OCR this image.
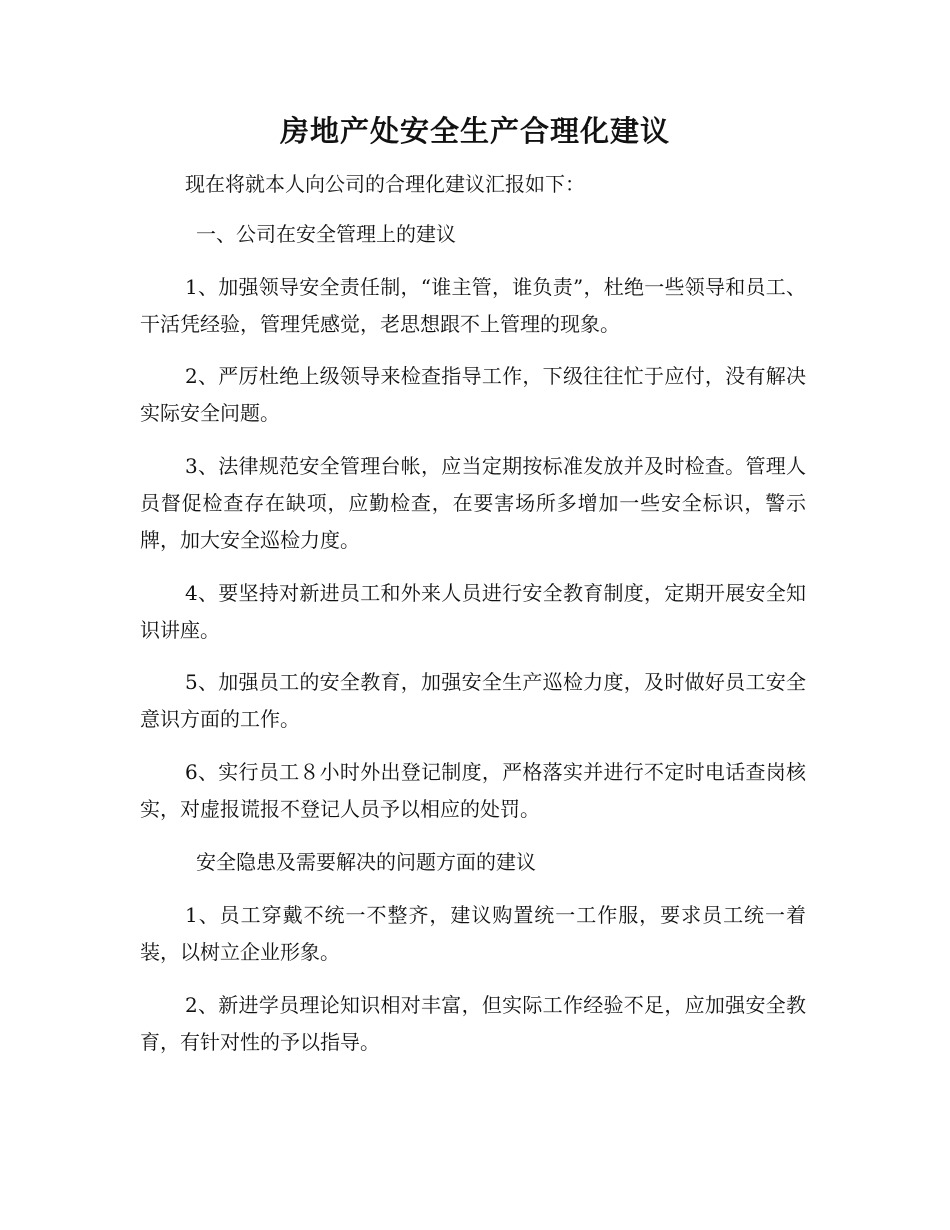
房地产处安全生产合理化建议
现在将就本人向公司的合理化建议汇报如下：
一、公司在安全管理上的建议
1、加强领导安全责任制，“谁主管，谁负责”，杜绝一些领导和员工、干活凭经验，管理凭感觉，老思想跟不上管理的现象。
2、严厉杜绝上级领导来检查指导工作，下级往往忙于应付，没有解决实际安全问题。
3、法律规范安全管理台帐，应当定期按标准发放并及时检查。管理人员督促检查存在缺项，应勤检查，在要害场所多增加一些安全标识，警示牌，加大安全巡检力度。
4、要坚持对新进员工和外来人员进行安全教育制度，定期开展安全知识讲座。
5、加强员工的安全教育，加强安全生产巡检力度，及时做好员工安全意识方面的工作。
6、实行员工８小时外出登记制度，严格落实并进行不定时电话查岗核实，对虚报谎报不登记人员予以相应的处罚。
安全隐患及需要解决的问题方面的建议
1、员工穿戴不统一不整齐，建议购置统一工作服，要求员工统一着装，以树立企业形象。
2、新进学员理论知识相对丰富，但实际工作经验不足，应加强安全教育，有针对性的予以指导。
